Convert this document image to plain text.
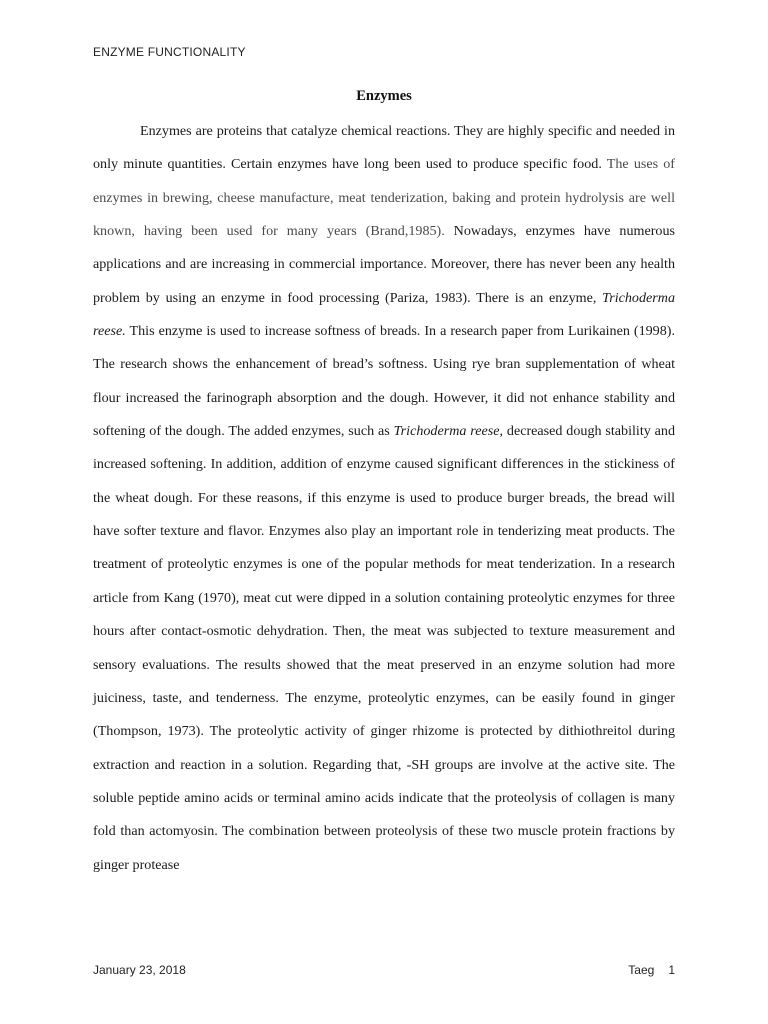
ENZYME FUNCTIONALITY
Enzymes

Enzymes are proteins that catalyze chemical reactions. They are highly specific and needed in only minute quantities. Certain enzymes have long been used to produce specific food. The uses of enzymes in brewing, cheese manufacture, meat tenderization, baking and protein hydrolysis are well known, having been used for many years (Brand,1985). Nowadays, enzymes have numerous applications and are increasing in commercial importance. Moreover, there has never been any health problem by using an enzyme in food processing (Pariza, 1983). There is an enzyme, Trichoderma reese. This enzyme is used to increase softness of breads. In a research paper from Lurikainen (1998). The research shows the enhancement of bread’s softness. Using rye bran supplementation of wheat flour increased the farinograph absorption and the dough. However, it did not enhance stability and softening of the dough. The added enzymes, such as Trichoderma reese, decreased dough stability and increased softening. In addition, addition of enzyme caused significant differences in the stickiness of the wheat dough. For these reasons, if this enzyme is used to produce burger breads, the bread will have softer texture and flavor. Enzymes also play an important role in tenderizing meat products. The treatment of proteolytic enzymes is one of the popular methods for meat tenderization. In a research article from Kang (1970), meat cut were dipped in a solution containing proteolytic enzymes for three hours after contact-osmotic dehydration. Then, the meat was subjected to texture measurement and sensory evaluations. The results showed that the meat preserved in an enzyme solution had more juiciness, taste, and tenderness. The enzyme, proteolytic enzymes, can be easily found in ginger (Thompson, 1973). The proteolytic activity of ginger rhizome is protected by dithiothreitol during extraction and reaction in a solution. Regarding that, -SH groups are involve at the active site. The soluble peptide amino acids or terminal amino acids indicate that the proteolysis of collagen is many fold than actomyosin. The combination between proteolysis of these two muscle protein fractions by ginger protease

January 23, 2018	Taeg 1
